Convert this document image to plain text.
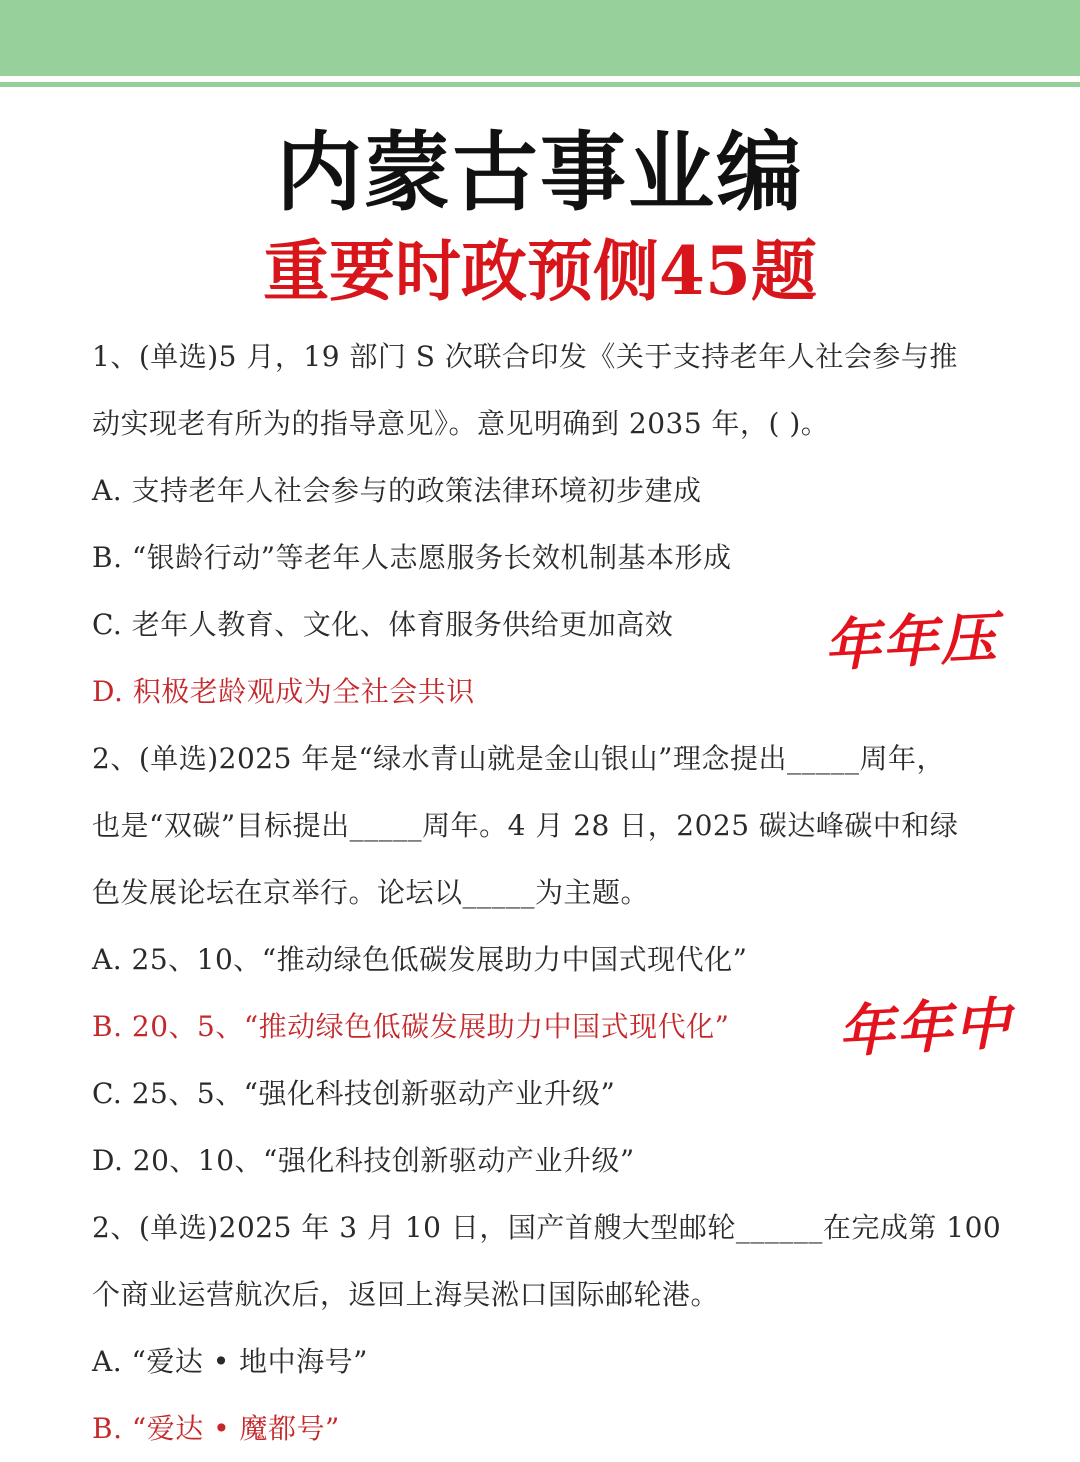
内蒙古事业编
重要时政预侧45题
1、(单选)5 月，19 部门 S 次联合印发《关于支持老年人社会参与推
动实现老有所为的指导意见》。意见明确到 2035 年，( )。
A. 支持老年人社会参与的政策法律环境初步建成
B. “银龄行动”等老年人志愿服务长效机制基本形成
C. 老年人教育、文化、体育服务供给更加高效
D. 积极老龄观成为全社会共识
2、(单选)2025 年是“绿水青山就是金山银山”理念提出_____周年，
也是“双碳”目标提出_____周年。4 月 28 日，2025 碳达峰碳中和绿
色发展论坛在京举行。论坛以_____为主题。
A. 25、10、“推动绿色低碳发展助力中国式现代化”
B. 20、5、“推动绿色低碳发展助力中国式现代化”
C. 25、5、“强化科技创新驱动产业升级”
D. 20、10、“强化科技创新驱动产业升级”
2、(单选)2025 年 3 月 10 日，国产首艘大型邮轮______在完成第 100
个商业运营航次后，返回上海吴淞口国际邮轮港。
A. “爱达 • 地中海号”
B. “爱达 • 魔都号”
年年压
年年中
